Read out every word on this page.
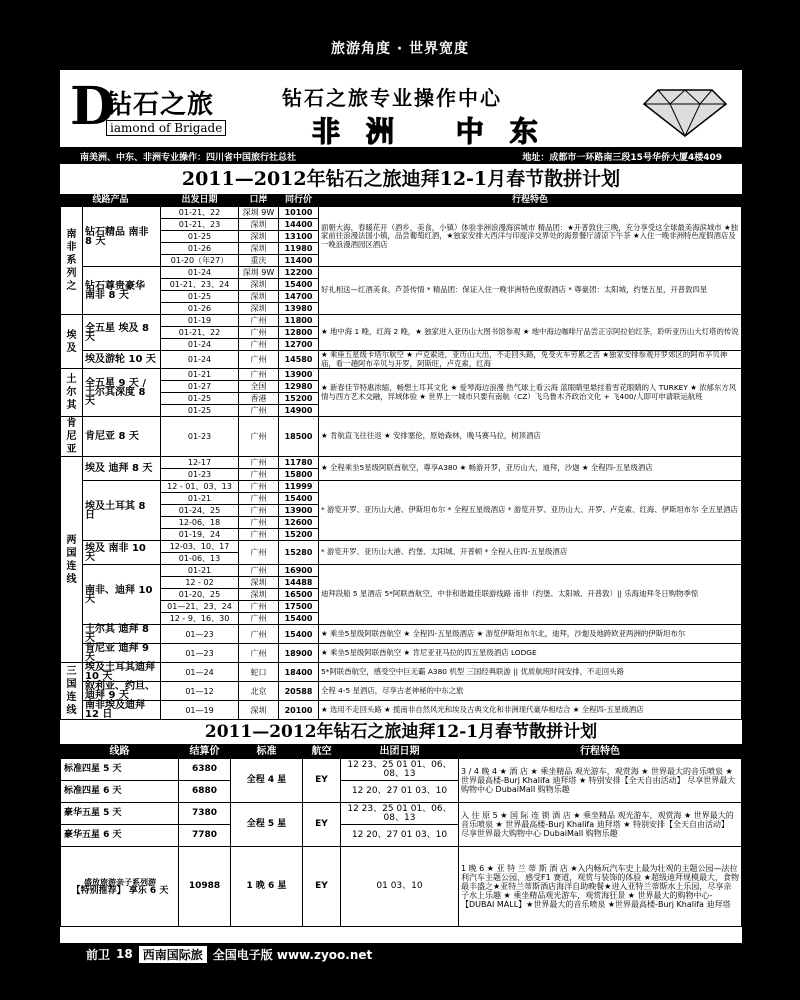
旅游角度 · 世界宽度
D
钻石之旅
iamond of Brigade
钻石之旅专业操作中心
非洲 中东
南美洲、中东、非洲专业操作：四川省中国旅行社总社	地址：成都市一环路南三段15号华侨大厦4楼409
2011—2012年钻石之旅迪拜12-1月春节散拼计划
线路产品		出发日期	口岸	同行价	行程特色
南非系列之	钻石精品 南非 8 天	01-21、22	深圳 9W	10100	面朝大海，春暖花开（酒乡，美食，小镇）体验非洲浪漫海滨城市 精品团：★开普敦住三晚，充分享受这全球最美海滨城市 ★独家前往浪漫法国小镇，品尝葡萄红酒，★独家安排大西洋与印度洋交界处的海景餐厅清凉下午茶 ★入住一晚非洲特色度假酒店及一晚浪漫酒园区酒店
		01-21、23	深圳	14400	
		01-25	深圳	13100	
		01-26	深圳	11980	
		01-20（年27）	重庆	11400	
	钻石尊贵豪华 南非 8 天	01-24	深圳 9W	12200	好礼相送—红酒美食、芦荟传情 * 精品团：保证入住一晚非洲特色度假酒店 * 尊豪团：太阳城，约堡五星，开普敦四星
		01-21、23、24	深圳	15400	
		01-25	深圳	14700	
		01-26	深圳	13980	
埃及	全五星 埃及 8 天	01-19	广州	11800	★ 地中海 1 晚，红海 2 晚，★ 独家进入亚历山大图书馆参观 ★ 地中海边咖啡厅品尝正宗阿拉伯红茶，聆听亚历山大灯塔的传说
		01-21、22	广州	12800	
		01-24	广州	12700	
	埃及游轮 10 天	01-24	广州	14580	★ 乘座五星级卡塔尔航空 ★ 卢克索进，亚历山大出，不走回头路，免受火车劳累之苦 ★独家安排参观开罗郊区的阿布辛贝神庙，看一趟阿布辛贝与开罗，阿斯旺，卢克索，红海
土尔其	全五星 9 天 / 土尔其深度 8 天	01-21	广州	13900	★ 新春佳节特惠浓缩，畅想土耳其文化 ★ 爱琴海边浪漫 热气球上看云海 蓝眼睛里悬挂着雪花眼睛的人 TURKEY ★ 浓郁东方风情与西方艺术交融，异域体验 ★ 世界上一城市只要有南航（CZ）飞乌鲁木齐政治文化 + 飞400/人即可申请联运航班
		01-27	全国	12980	
		01-25	香港	15200	
		01-25	广州	14900	
肯尼亚	肯尼亚 8 天	01-23	广州	18500	★ 肯航直飞往往返 ★ 安排塞伦，原始森林，晚马赛马拉，树顶酒店
两国连线	埃及 迪拜 8 天	12-17	广州	11780	★ 全程乘坐5星级阿联酋航空，尊享A380 ★ 畅游开罗，亚历山大，迪拜，沙迦 ★ 全程四-五星级酒店
		01-23	广州	15800	
	埃及土耳其 8 日	12 - 01、03、13	广州	11999	* 游览开罗、亚历山大港、伊斯坦布尔 * 全程五星级酒店 * 游览开罗、亚历山大、开罗、卢克索、红海、伊斯坦布尔 全五星酒店
		01-21	广州	15400	
		01-24、25	广州	13900	
		12-06、18	广州	12600	
		01-19、24	广州	15200	
	埃及 南非 10 天	12-03、10、17	广州	15280	* 游览开罗、亚历山大港、约堡、太阳城、开普顿 * 全程入住四-五星级酒店
		01-06、13			
	南非、迪拜 10 天	01-21	广州	16900	迪拜段船 5 星酒店 5*阿联酋航空，中非和谐最佳联游线路 南非（约堡、太阳城、开普敦）|| 乐海迪拜冬日购物季惊
		12 - 02	深圳	14488	
		01-20、25	深圳	16500	
		01—21、23、24	广州	17500	
		12 - 9、16、30	广州	15400	
	土尔其 迪拜 8 天	01—23	广州	15400	★ 乘坐5星级阿联酋航空 ★ 全程四-五星级酒店 ★ 游览伊斯坦布尔北，迪拜，沙迦及地跨欧亚两洲的伊斯坦布尔
	肯尼亚 迪拜 9 天	01—23	广州	18900	★ 乘坐5星级阿联酋航空 ★ 肯尼亚亚马拉的四五星级酒店 LODGE
三国连线	埃及土耳其迪拜 10 天	01—24	蛇口	18400	5*阿联酋航空，感受空中巨无霸 A380 机型 三国经典联游 || 优质航班时间安排，不走回头路
	叙利亚、约旦、迪拜 9 天	01—12	北京	20588	全程 4-5 星酒店，尽享古老神秘的中东之旅
	南非埃及迪拜 12 日	01—19	深圳	20100	★ 选用不走回头路 ★ 揽南非自然风光和埃及古典文化和非洲现代豪华相结合 ★ 全程四-五星级酒店
2011—2012年钻石之旅迪拜12-1月春节散拼计划
线路	结算价	标准	航空	出团日期	行程特色
标准四星 5 天	6380	全程 4 星	EY	12 23、25 01 01、06、08、13	3 / 4 晚 4 ★ 酒 店 ★ 乘坐精品 观光游车，观赏海 ★ 世界最大的音乐喷泉 ★ 世界最高楼-Burj Khalifa 迪拜塔 ★ 特别安排【全天自由活动】 尽享世界最大购物中心 DubaiMall 购物乐趣
标准四星 6 天	6880			12 20、27 01 03、10	
豪华五星 5 天	7380	全程 5 星	EY	12 23、25 01 01、06、08、13	入 住 原 5 ★ 国 际 连 锁 酒 店 ★ 乘坐精品 观光游车，观赏海 ★ 世界最大的音乐喷泉 ★ 世界最高楼-Burj Khalifa 迪拜塔 ★ 特别安排【全天自由活动】 尽享世界最大购物中心 DubaiMall 购物乐趣
豪华五星 6 天	7780			12 20、27 01 03、10	

盛放旅游亲子系列游
【特别推荐】 享乐 6 天	10988	1 晚 6 星	EY	01 03、10	1 晚 6 ★ 亚 特 兰 蒂 斯 酒 店 ★入内畅玩汽车史上最为壮观的主题公园—法拉利汽车主题公园，感受F1 赛道，观赏与装饰的体验 ★超级迪拜规模最大，食物最丰盛之★亚特兰蒂斯酒店海洋自助晚餐★进入亚特兰蒂斯水上乐园，尽享亲子水上乐趣 ★ 乘坐精品观光游车，观赏海狂景 ★ 世界最大的购物中心-【DUBAI MALL】★世界最大的音乐喷泉 ★世界最高楼-Burj Khalifa 迪拜塔
前卫 18 西南国际旅 全国电子版 www.zyoo.net
